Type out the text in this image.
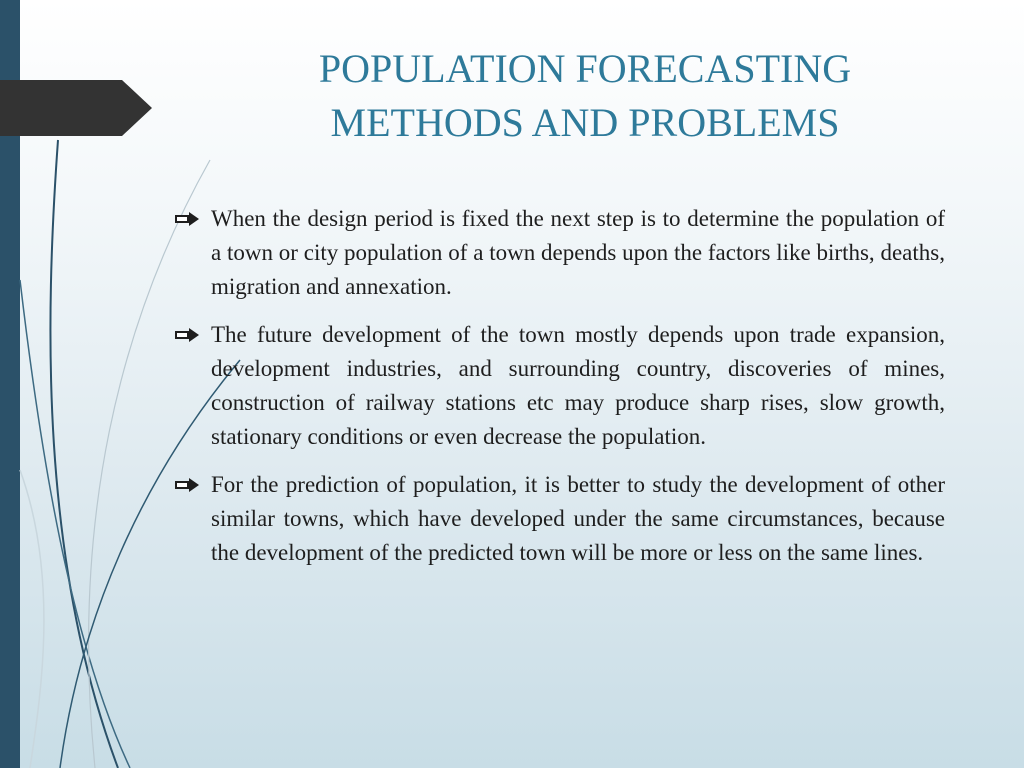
POPULATION FORECASTING
METHODS AND PROBLEMS
When the design period is fixed the next step is to determine the population of a town or city population of a town depends upon the factors like births, deaths, migration and annexation.
The future development of the town mostly depends upon trade expansion, development industries, and surrounding country, discoveries of mines, construction of railway stations etc may produce sharp rises, slow growth, stationary conditions or even decrease the population.
For the prediction of population, it is better to study the development of other similar towns, which have developed under the same circumstances, because the development of the predicted town will be more or less on the same lines.
